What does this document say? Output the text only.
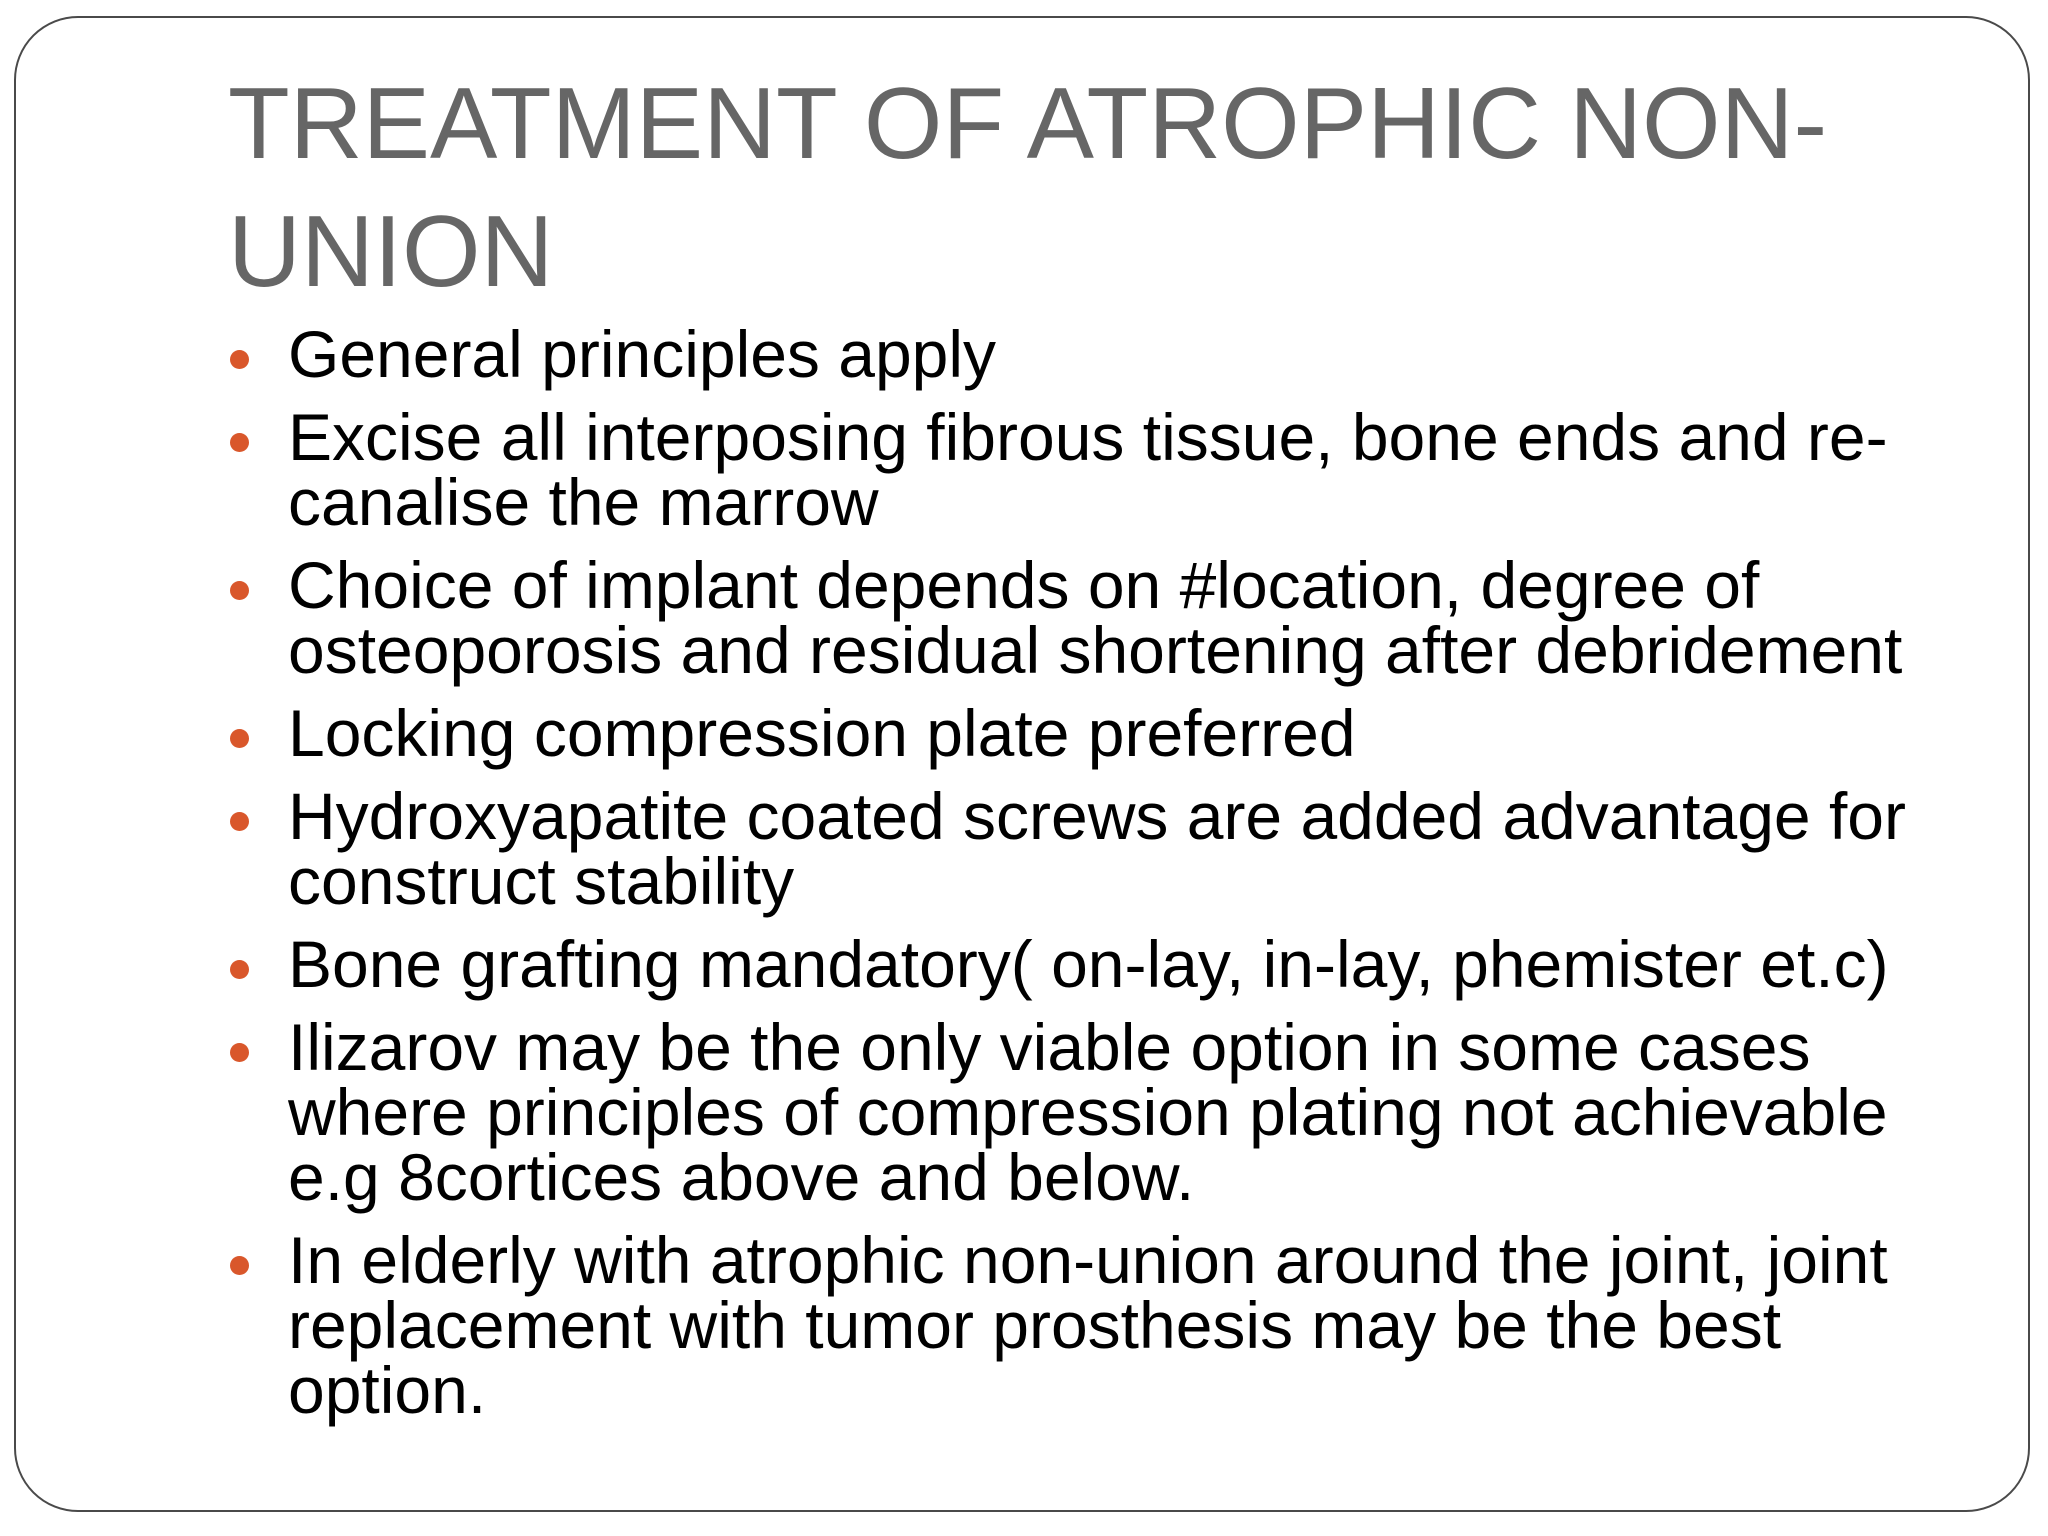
TREATMENT OF ATROPHIC NON-UNION
General principles apply
Excise all interposing fibrous tissue, bone ends and re-canalise the marrow
Choice of implant depends on #location, degree of osteoporosis and residual shortening after debridement
Locking compression plate preferred
Hydroxyapatite coated screws are added advantage for construct stability
Bone grafting mandatory( on-lay, in-lay, phemister et.c)
Ilizarov may be the only viable option in some cases where principles of compression plating not achievable e.g 8cortices above and below.
In elderly with atrophic non-union around the joint, joint replacement with tumor prosthesis may be the best option.
